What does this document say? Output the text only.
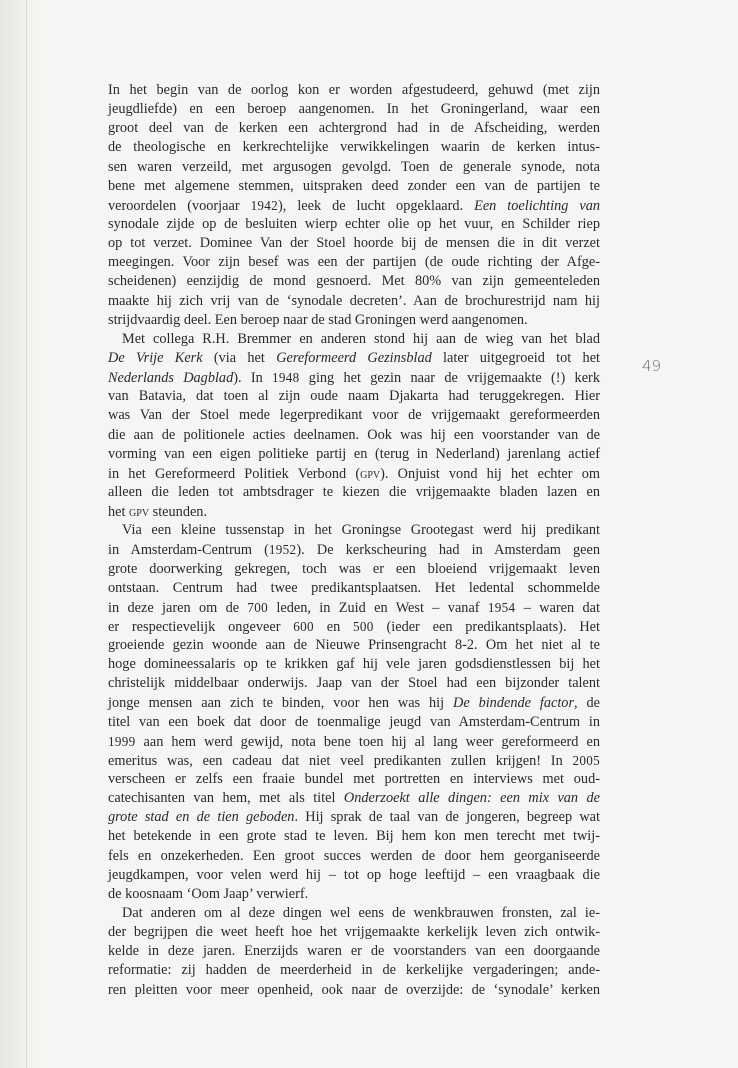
49
In het begin van de oorlog kon er worden afgestudeerd, gehuwd (met zijn
jeugdliefde) en een beroep aangenomen. In het Groningerland, waar een
groot deel van de kerken een achtergrond had in de Afscheiding, werden
de theologische en kerkrechtelijke verwikkelingen waarin de kerken intus-
sen waren verzeild, met argusogen gevolgd. Toen de generale synode, nota
bene met algemene stemmen, uitspraken deed zonder een van de partijen te
veroordelen (voorjaar 1942), leek de lucht opgeklaard. Een toelichting van
synodale zijde op de besluiten wierp echter olie op het vuur, en Schilder riep
op tot verzet. Dominee Van der Stoel hoorde bij de mensen die in dit verzet
meegingen. Voor zijn besef was een der partijen (de oude richting der Afge-
scheidenen) eenzijdig de mond gesnoerd. Met 80% van zijn gemeenteleden
maakte hij zich vrij van de ‘synodale decreten’. Aan de brochurestrijd nam hij
strijdvaardig deel. Een beroep naar de stad Groningen werd aangenomen.
Met collega R.H. Bremmer en anderen stond hij aan de wieg van het blad
De Vrije Kerk (via het Gereformeerd Gezinsblad later uitgegroeid tot het
Nederlands Dagblad). In 1948 ging het gezin naar de vrijgemaakte (!) kerk
van Batavia, dat toen al zijn oude naam Djakarta had teruggekregen. Hier
was Van der Stoel mede legerpredikant voor de vrijgemaakt gereformeerden
die aan de politionele acties deelnamen. Ook was hij een voorstander van de
vorming van een eigen politieke partij en (terug in Nederland) jarenlang actief
in het Gereformeerd Politiek Verbond (gpv). Onjuist vond hij het echter om
alleen die leden tot ambtsdrager te kiezen die vrijgemaakte bladen lazen en
het gpv steunden.
Via een kleine tussenstap in het Groningse Grootegast werd hij predikant
in Amsterdam-Centrum (1952). De kerkscheuring had in Amsterdam geen
grote doorwerking gekregen, toch was er een bloeiend vrijgemaakt leven
ontstaan. Centrum had twee predikantsplaatsen. Het ledental schommelde
in deze jaren om de 700 leden, in Zuid en West – vanaf 1954 – waren dat
er respectievelijk ongeveer 600 en 500 (ieder een predikantsplaats). Het
groeiende gezin woonde aan de Nieuwe Prinsengracht 8-2. Om het niet al te
hoge domineessalaris op te krikken gaf hij vele jaren godsdienstlessen bij het
christelijk middelbaar onderwijs. Jaap van der Stoel had een bijzonder talent
jonge mensen aan zich te binden, voor hen was hij De bindende factor, de
titel van een boek dat door de toenmalige jeugd van Amsterdam-Centrum in
1999 aan hem werd gewijd, nota bene toen hij al lang weer gereformeerd en
emeritus was, een cadeau dat niet veel predikanten zullen krijgen! In 2005
verscheen er zelfs een fraaie bundel met portretten en interviews met oud-
catechisanten van hem, met als titel Onderzoekt alle dingen: een mix van de
grote stad en de tien geboden. Hij sprak de taal van de jongeren, begreep wat
het betekende in een grote stad te leven. Bij hem kon men terecht met twij-
fels en onzekerheden. Een groot succes werden de door hem georganiseerde
jeugdkampen, voor velen werd hij – tot op hoge leeftijd – een vraagbaak die
de koosnaam ‘Oom Jaap’ verwierf.
Dat anderen om al deze dingen wel eens de wenkbrauwen fronsten, zal ie-
der begrijpen die weet heeft hoe het vrijgemaakte kerkelijk leven zich ontwik-
kelde in deze jaren. Enerzijds waren er de voorstanders van een doorgaande
reformatie: zij hadden de meerderheid in de kerkelijke vergaderingen; ande-
ren pleitten voor meer openheid, ook naar de overzijde: de ‘synodale’ kerken
